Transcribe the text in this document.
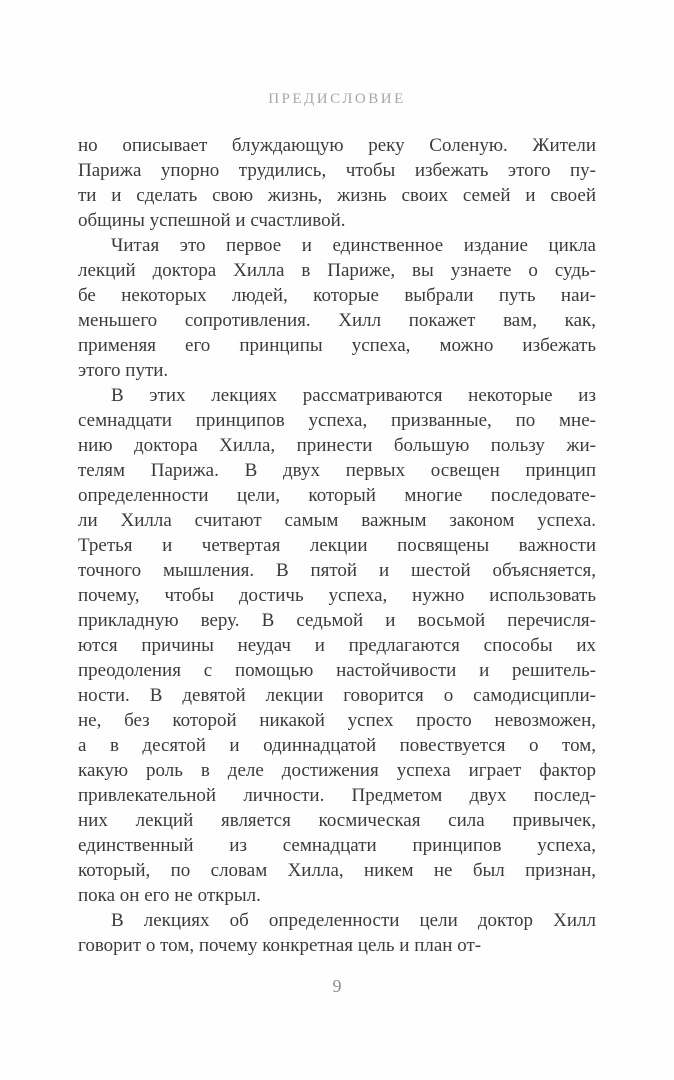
ПРЕДИСЛОВИЕ
но описывает блуждающую реку Соленую. Жители
Парижа упорно трудились, чтобы избежать этого пу-
ти и сделать свою жизнь, жизнь своих семей и своей
общины успешной и счастливой.
Читая это первое и единственное издание цикла
лекций доктора Хилла в Париже, вы узнаете о судь-
бе некоторых людей, которые выбрали путь наи-
меньшего сопротивления. Хилл покажет вам, как,
применяя его принципы успеха, можно избежать
этого пути.
В этих лекциях рассматриваются некоторые из
семнадцати принципов успеха, призванные, по мне-
нию доктора Хилла, принести большую пользу жи-
телям Парижа. В двух первых освещен принцип
определенности цели, который многие последовате-
ли Хилла считают самым важным законом успеха.
Третья и четвертая лекции посвящены важности
точного мышления. В пятой и шестой объясняется,
почему, чтобы достичь успеха, нужно использовать
прикладную веру. В седьмой и восьмой перечисля-
ются причины неудач и предлагаются способы их
преодоления с помощью настойчивости и решитель-
ности. В девятой лекции говорится о самодисципли-
не, без которой никакой успех просто невозможен,
а в десятой и одиннадцатой повествуется о том,
какую роль в деле достижения успеха играет фактор
привлекательной личности. Предметом двух послед-
них лекций является космическая сила привычек,
единственный из семнадцати принципов успеха,
который, по словам Хилла, никем не был признан,
пока он его не открыл.
В лекциях об определенности цели доктор Хилл
говорит о том, почему конкретная цель и план от-
9
